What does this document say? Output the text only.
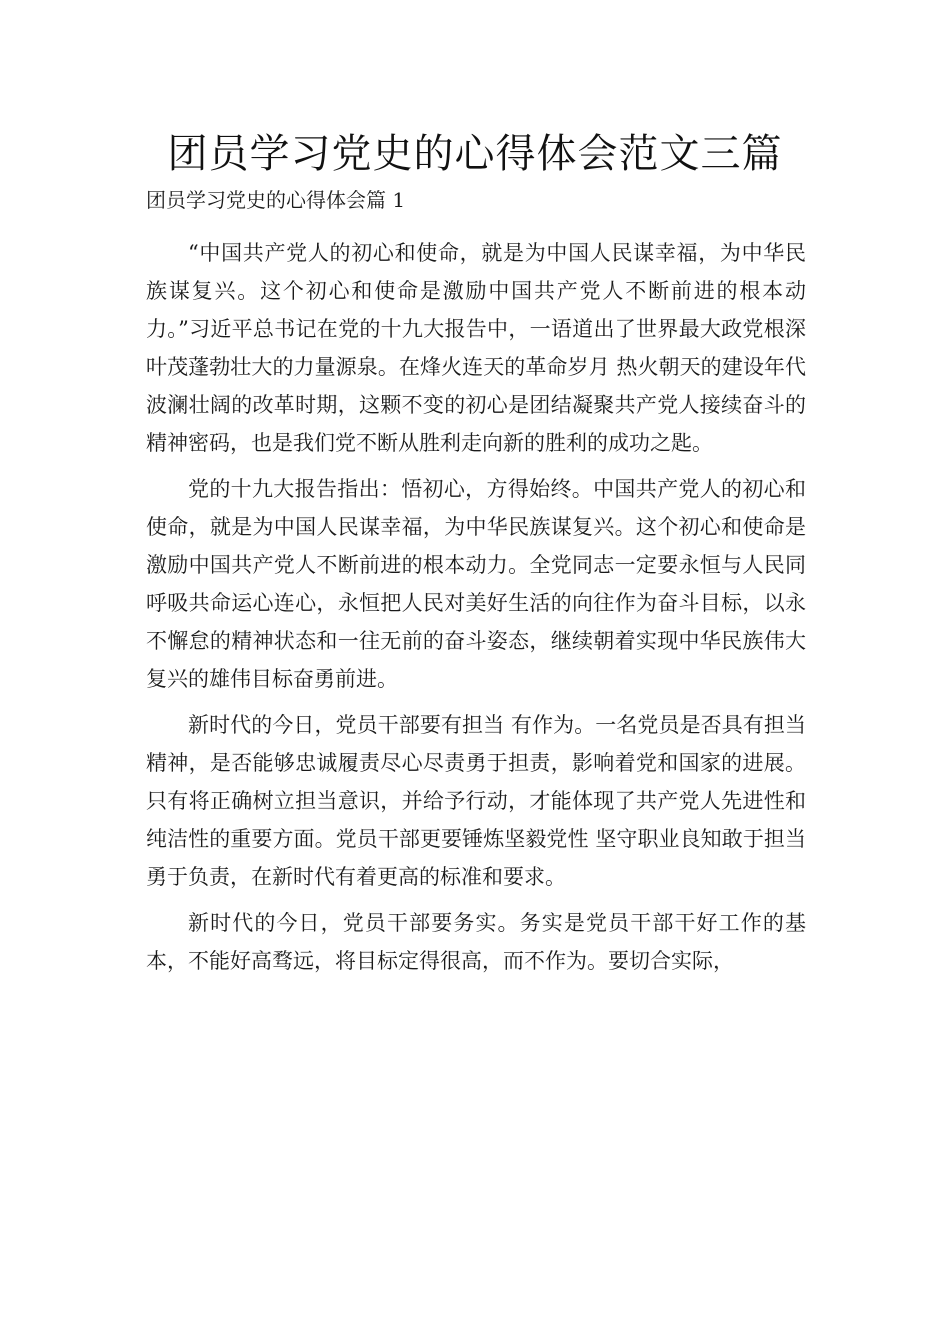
团员学习党史的心得体会范文三篇
团员学习党史的心得体会篇 1

“中国共产党人的初心和使命，就是为中国人民谋幸福，为中华民族谋复兴。这个初心和使命是激励中国共产党人不断前进的根本动力。”习近平总书记在党的十九大报告中，一语道出了世界最大政党根深叶茂蓬勃壮大的力量源泉。在烽火连天的革命岁月 热火朝天的建设年代波澜壮阔的改革时期，这颗不变的初心是团结凝聚共产党人接续奋斗的精神密码，也是我们党不断从胜利走向新的胜利的成功之匙。

党的十九大报告指出：悟初心，方得始终。中国共产党人的初心和使命，就是为中国人民谋幸福，为中华民族谋复兴。这个初心和使命是激励中国共产党人不断前进的根本动力。全党同志一定要永恒与人民同呼吸共命运心连心，永恒把人民对美好生活的向往作为奋斗目标，以永不懈怠的精神状态和一往无前的奋斗姿态，继续朝着实现中华民族伟大复兴的雄伟目标奋勇前进。

新时代的今日，党员干部要有担当 有作为。一名党员是否具有担当精神，是否能够忠诚履责尽心尽责勇于担责，影响着党和国家的进展。只有将正确树立担当意识，并给予行动，才能体现了共产党人先进性和纯洁性的重要方面。党员干部更要锤炼坚毅党性 坚守职业良知敢于担当勇于负责，在新时代有着更高的标准和要求。

新时代的今日，党员干部要务实。务实是党员干部干好工作的基本，不能好高骛远，将目标定得很高，而不作为。要切合实际，
